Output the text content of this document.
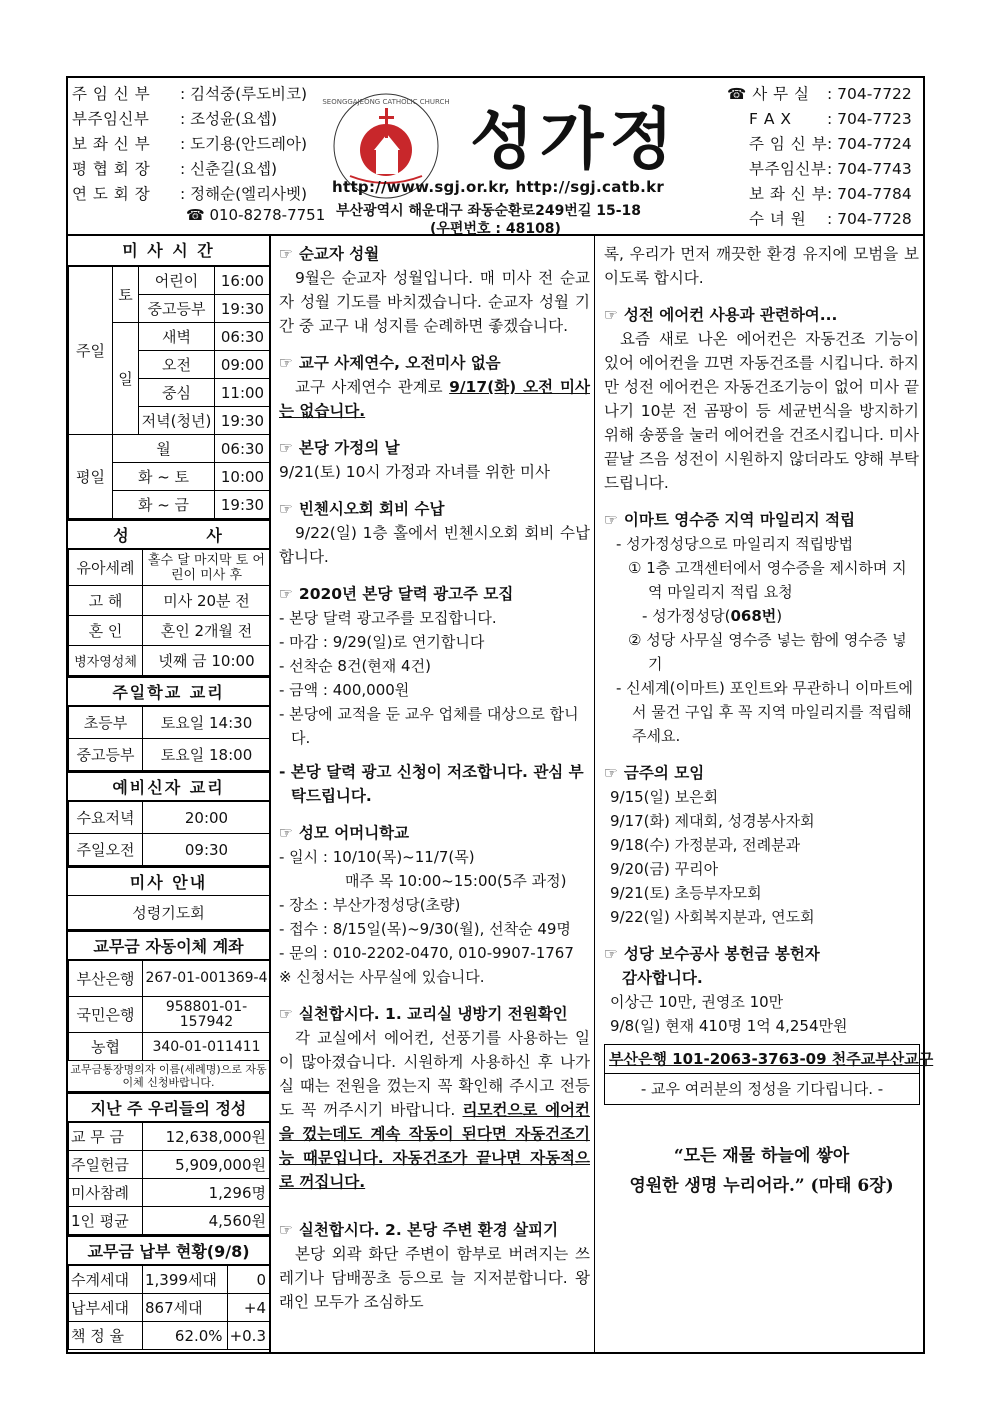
주 임 신 부 : 김석중(루도비코)
부주임신부 : 조성윤(요셉)
보 좌 신 부 : 도기용(안드레아)
평 협 회 장 : 신춘길(요셉)
연 도 회 장 : 정해순(엘리사벳)
☎ 010-8278-7751
SEONGGAJEONG CATHOLIC CHURCH 성가정
http://www.sgj.or.kr, http://sgj.catb.kr
부산광역시 해운대구 좌동순환로249번길 15-18
(우편번호 : 48108)
☎ 사 무 실 : 704-7722
F A X : 704-7723
주 임 신 부: 704-7724
부주임신부: 704-7743
보 좌 신 부: 704-7784
수 녀 원 : 704-7728
미 사 시 간
주일	토	어린이	16:00
		중고등부	19:30
	일	새벽	06:30
		오전	09:00
		중심	11:00
		저녁(청년)	19:30
평일	월		06:30
	화 ~ 토		10:00
	화 ~ 금		19:30
성          사
유아세례	홀수 달 마지막 토 어린이 미사 후
고 해	미사 20분 전
혼 인	혼인 2개월 전
병자영성체	넷째 금 10:00
주일학교 교리
초등부	토요일 14:30
중고등부	토요일 18:00
예비신자 교리
수요저녁	20:00
주일오전	09:30
미사 안내
성령기도회
교무금 자동이체 계좌
부산은행	267-01-001369-4
국민은행	958801-01-157942
농협	340-01-011411
교무금통장명의자 이름(세례명)으로 자동이체 신청바랍니다.
지난 주 우리들의 정성
교 무 금	12,638,000원
주일헌금	5,909,000원
미사참례	1,296명
1인 평균	4,560원
교무금 납부 현황(9/8)
수계세대	1,399세대	0
납부세대	867세대	+4
책 정 율	62.0%	+0.3
☞ 순교자 성월
9월은 순교자 성월입니다. 매 미사 전 순교자 성월 기도를 바치겠습니다. 순교자 성월 기간 중 교구 내 성지를 순례하면 좋겠습니다.
☞ 교구 사제연수, 오전미사 없음
교구 사제연수 관계로 9/17(화) 오전 미사는 없습니다.
☞ 본당 가정의 날
9/21(토) 10시 가정과 자녀를 위한 미사
☞ 빈첸시오회 회비 수납
9/22(일) 1층 홀에서 빈첸시오회 회비 수납합니다.
☞ 2020년 본당 달력 광고주 모집
- 본당 달력 광고주를 모집합니다.
- 마감 : 9/29(일)로 연기합니다
- 선착순 8건(현재 4건)
- 금액 : 400,000원
- 본당에 교적을 둔 교우 업체를 대상으로 합니다.
- 본당 달력 광고 신청이 저조합니다. 관심 부탁드립니다.
☞ 성모 어머니학교
- 일시 : 10/10(목)~11/7(목)
매주 목 10:00~15:00(5주 과정)
- 장소 : 부산가정성당(초량)
- 접수 : 8/15일(목)~9/30(월), 선착순 49명
- 문의 : 010-2202-0470, 010-9907-1767
※ 신청서는 사무실에 있습니다.
☞ 실천합시다. 1. 교리실 냉방기 전원확인
각 교실에서 에어컨, 선풍기를 사용하는 일이 많아졌습니다. 시원하게 사용하신 후 나가실 때는 전원을 껐는지 꼭 확인해 주시고 전등도 꼭 꺼주시기 바랍니다. 리모컨으로 에어컨을 껐는데도 계속 작동이 된다면 자동건조기능 때문입니다. 자동건조가 끝나면 자동적으로 꺼집니다.
☞ 실천합시다. 2. 본당 주변 환경 살피기
본당 외곽 화단 주변이 함부로 버려지는 쓰레기나 담배꽁초 등으로 늘 지저분합니다. 왕래인 모두가 조심하도
록, 우리가 먼저 깨끗한 환경 유지에 모범을 보이도록 합시다.
☞ 성전 에어컨 사용과 관련하여...
요즘 새로 나온 에어컨은 자동건조 기능이 있어 에어컨을 끄면 자동건조를 시킵니다. 하지만 성전 에어컨은 자동건조기능이 없어 미사 끝나기 10분 전 곰팡이 등 세균번식을 방지하기 위해 송풍을 눌러 에어컨을 건조시킵니다. 미사 끝날 즈음 성전이 시원하지 않더라도 양해 부탁드립니다.
☞ 이마트 영수증 지역 마일리지 적립
- 성가정성당으로 마일리지 적립방법
① 1층 고객센터에서 영수증을 제시하며 지역 마일리지 적립 요청
- 성가정성당(068번)
② 성당 사무실 영수증 넣는 함에 영수증 넣기
- 신세계(이마트) 포인트와 무관하니 이마트에서 물건 구입 후 꼭 지역 마일리지를 적립해 주세요.
☞ 금주의 모임
9/15(일) 보은회
9/17(화) 제대회, 성경봉사자회
9/18(수) 가정분과, 전례분과
9/20(금) 꾸리아
9/21(토) 초등부자모회
9/22(일) 사회복지분과, 연도회
☞ 성당 보수공사 봉헌금 봉헌자
감사합니다.
이상근 10만, 권영조 10만
9/8(일) 현재 410명 1억 4,254만원
부산은행 101-2063-3763-09 천주교부산교구
- 교우 여러분의 정성을 기다립니다. -
“모든 재물 하늘에 쌓아
영원한 생명 누리어라.” (마태 6장)
